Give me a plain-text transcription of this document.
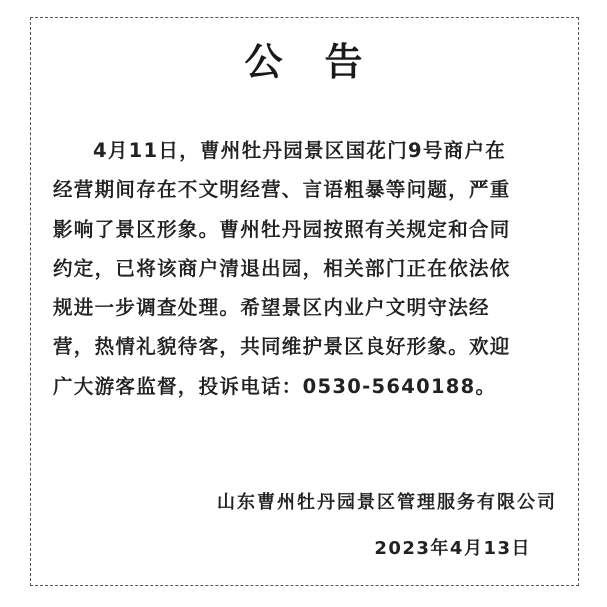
公告
4月11日，曹州牡丹园景区国花门9号商户在
经营期间存在不文明经营、言语粗暴等问题，严重
影响了景区形象。曹州牡丹园按照有关规定和合同
约定，已将该商户清退出园，相关部门正在依法依
规进一步调查处理。希望景区内业户文明守法经
营，热情礼貌待客，共同维护景区良好形象。欢迎
广大游客监督，投诉电话：0530-5640188。
山东曹州牡丹园景区管理服务有限公司
2023年4月13日
